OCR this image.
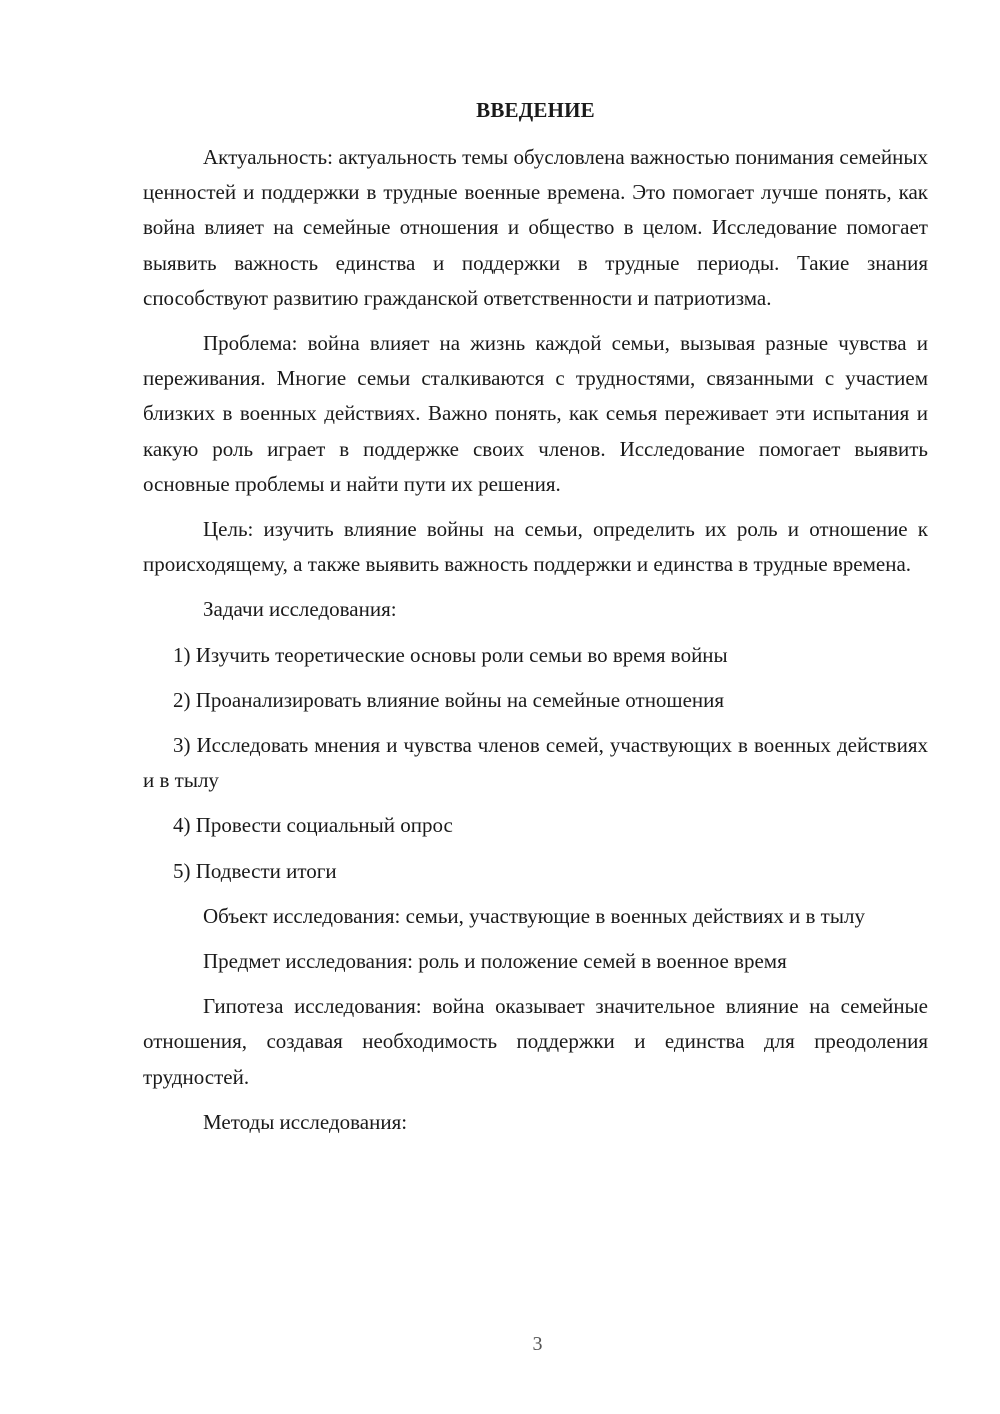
ВВЕДЕНИЕ

Актуальность: актуальность темы обусловлена важностью понимания семейных ценностей и поддержки в трудные военные времена. Это помогает лучше понять, как война влияет на семейные отношения и общество в целом. Исследование помогает выявить важность единства и поддержки в трудные периоды. Такие знания способствуют развитию гражданской ответственности и патриотизма.

Проблема: война влияет на жизнь каждой семьи, вызывая разные чувства и переживания. Многие семьи сталкиваются с трудностями, связанными с участием близких в военных действиях. Важно понять, как семья переживает эти испытания и какую роль играет в поддержке своих членов. Исследование помогает выявить основные проблемы и найти пути их решения.

Цель: изучить влияние войны на семьи, определить их роль и отношение к происходящему, а также выявить важность поддержки и единства в трудные времена.

Задачи исследования:

1) Изучить теоретические основы роли семьи во время войны

2) Проанализировать влияние войны на семейные отношения

3) Исследовать мнения и чувства членов семей, участвующих в военных действиях и в тылу

4) Провести социальный опрос

5) Подвести итоги

Объект исследования: семьи, участвующие в военных действиях и в тылу

Предмет исследования: роль и положение семей в военное время

Гипотеза исследования: война оказывает значительное влияние на семейные отношения, создавая необходимость поддержки и единства для преодоления трудностей.

Методы исследования:

3
